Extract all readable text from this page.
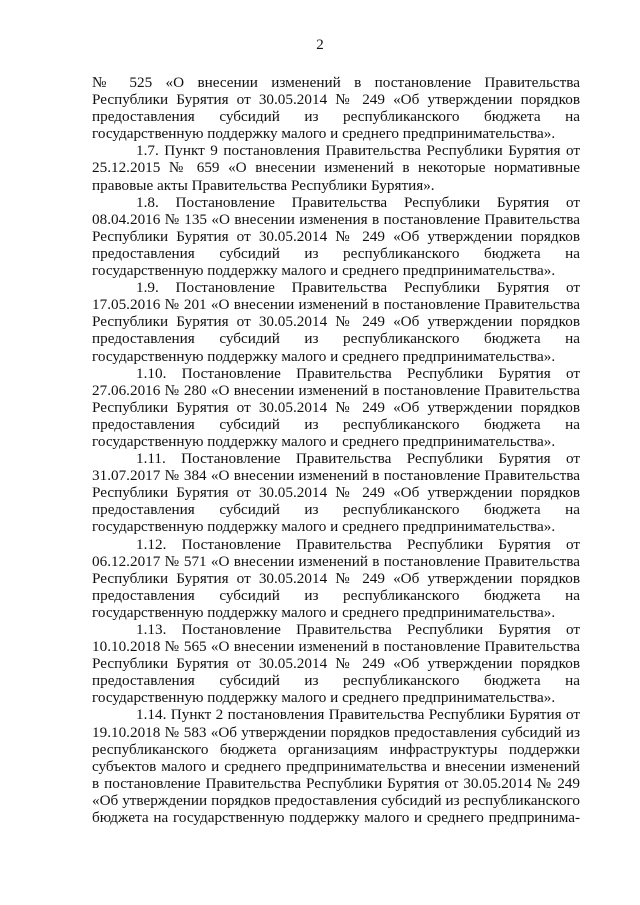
2

№ 525 «О внесении изменений в постановление Правительства Республики Бурятия от 30.05.2014 № 249 «Об утверждении порядков предоставления субсидий из республиканского бюджета на государственную поддержку малого и среднего предпринимательства».

1.7. Пункт 9 постановления Правительства Республики Бурятия от 25.12.2015 № 659 «О внесении изменений в некоторые нормативные правовые акты Правительства Республики Бурятия».

1.8. Постановление Правительства Республики Бурятия от 08.04.2016 № 135 «О внесении изменения в постановление Правительства Республики Бурятия от 30.05.2014 № 249 «Об утверждении порядков предоставления субсидий из республиканского бюджета на государственную поддержку малого и среднего предпринимательства».

1.9. Постановление Правительства Республики Бурятия от 17.05.2016 № 201 «О внесении изменений в постановление Правительства Республики Бурятия от 30.05.2014 № 249 «Об утверждении порядков предоставления субсидий из республиканского бюджета на государственную поддержку малого и среднего предпринимательства».

1.10. Постановление Правительства Республики Бурятия от 27.06.2016 № 280 «О внесении изменений в постановление Правительства Республики Бурятия от 30.05.2014 № 249 «Об утверждении порядков предоставления субсидий из республиканского бюджета на государственную поддержку малого и среднего предпринимательства».

1.11. Постановление Правительства Республики Бурятия от 31.07.2017 № 384 «О внесении изменений в постановление Правительства Республики Бурятия от 30.05.2014 № 249 «Об утверждении порядков предоставления субсидий из республиканского бюджета на государственную поддержку малого и среднего предпринимательства».

1.12. Постановление Правительства Республики Бурятия от 06.12.2017 № 571 «О внесении изменений в постановление Правительства Республики Бурятия от 30.05.2014 № 249 «Об утверждении порядков предоставления субсидий из республиканского бюджета на государственную поддержку малого и среднего предпринимательства».

1.13. Постановление Правительства Республики Бурятия от 10.10.2018 № 565 «О внесении изменений в постановление Правительства Республики Бурятия от 30.05.2014 № 249 «Об утверждении порядков предоставления субсидий из республиканского бюджета на государственную поддержку малого и среднего предпринимательства».

1.14. Пункт 2 постановления Правительства Республики Бурятия от 19.10.2018 № 583 «Об утверждении порядков предоставления субсидий из республиканского бюджета организациям инфраструктуры поддержки субъектов малого и среднего предпринимательства и внесении изменений в постановление Правительства Республики Бурятия от 30.05.2014 № 249 «Об утверждении порядков предоставления субсидий из республиканского бюджета на государственную поддержку малого и среднего предпринима-
